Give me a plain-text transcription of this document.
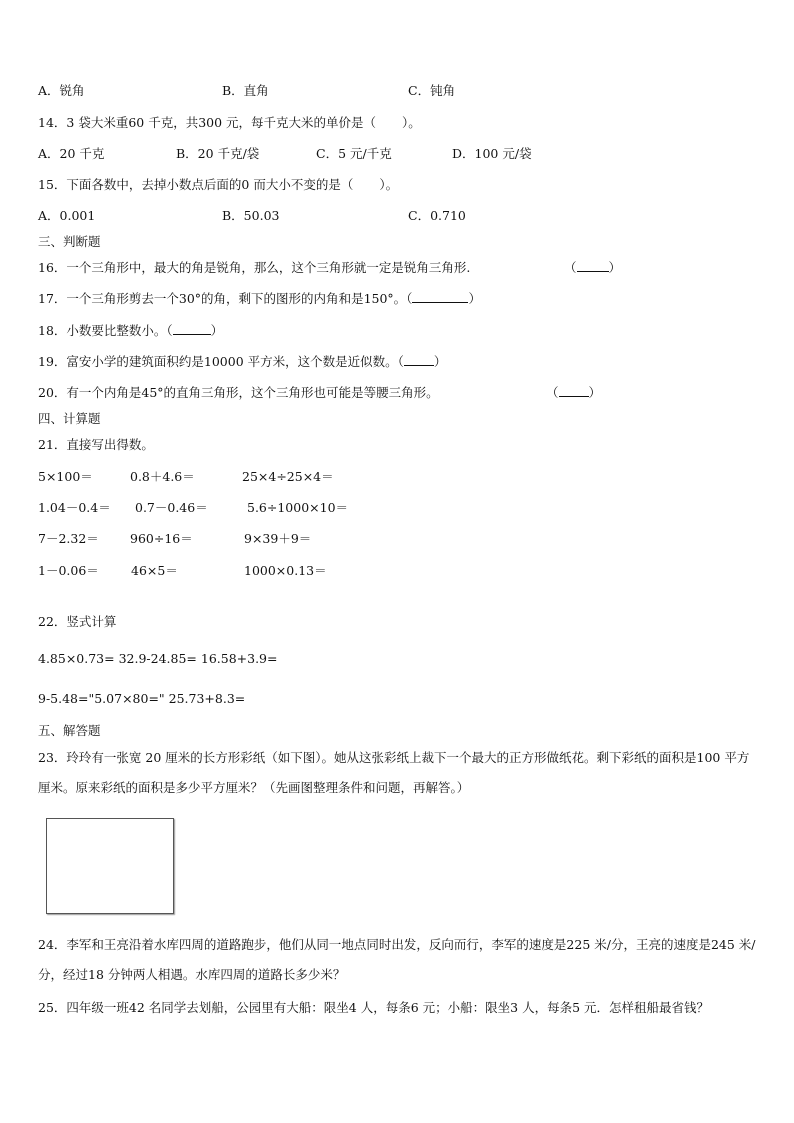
A．锐角	B．直角	C．钝角
14．3 袋大米重60 千克，共300 元，每千克大米的单价是（ ）。
A．20 千克	B．20 千克/袋	C．5 元/千克	D．100 元/袋
15．下面各数中，去掉小数点后面的0 而大小不变的是（ ）。
A．0.001	B．50.03	C．0.710
三、判断题
16．一个三角形中，最大的角是锐角，那么，这个三角形就一定是锐角三角形.	（	）
17．一个三角形剪去一个30°的角，剩下的图形的内角和是150°。（	）
18．小数要比整数小。（	）
19．富安小学的建筑面积约是10000 平方米，这个数是近似数。（ ）
20．有一个内角是45°的直角三角形，这个三角形也可能是等腰三角形。	（ ）
四、计算题
21．直接写出得数。
5×100＝	0.8＋4.6＝	25×4÷25×4＝
1.04－0.4＝ 0.7－0.46＝	5.6÷1000×10＝
7－2.32＝ 960÷16＝	9×39＋9＝
1－0.06＝	46×5＝	1000×0.13＝
22．竖式计算
4.85×0.73= 32.9-24.85= 16.58+3.9=
9-5.48="5.07×80=" 25.73+8.3=
五、解答题
23．玲玲有一张宽 20 厘米的长方形彩纸（如下图）。她从这张彩纸上裁下一个最大的正方形做纸花。剩下彩纸的面积是100 平方厘米。原来彩纸的面积是多少平方厘米？（先画图整理条件和问题，再解答。）
24．李军和王亮沿着水库四周的道路跑步，他们从同一地点同时出发，反向而行，李军的速度是225 米/分，王亮的速度是245 米/分，经过18 分钟两人相遇。水库四周的道路长多少米？
25．四年级一班42 名同学去划船，公园里有大船：限坐4 人，每条6 元；小船：限坐3 人，每条5 元．怎样租船最省钱？
